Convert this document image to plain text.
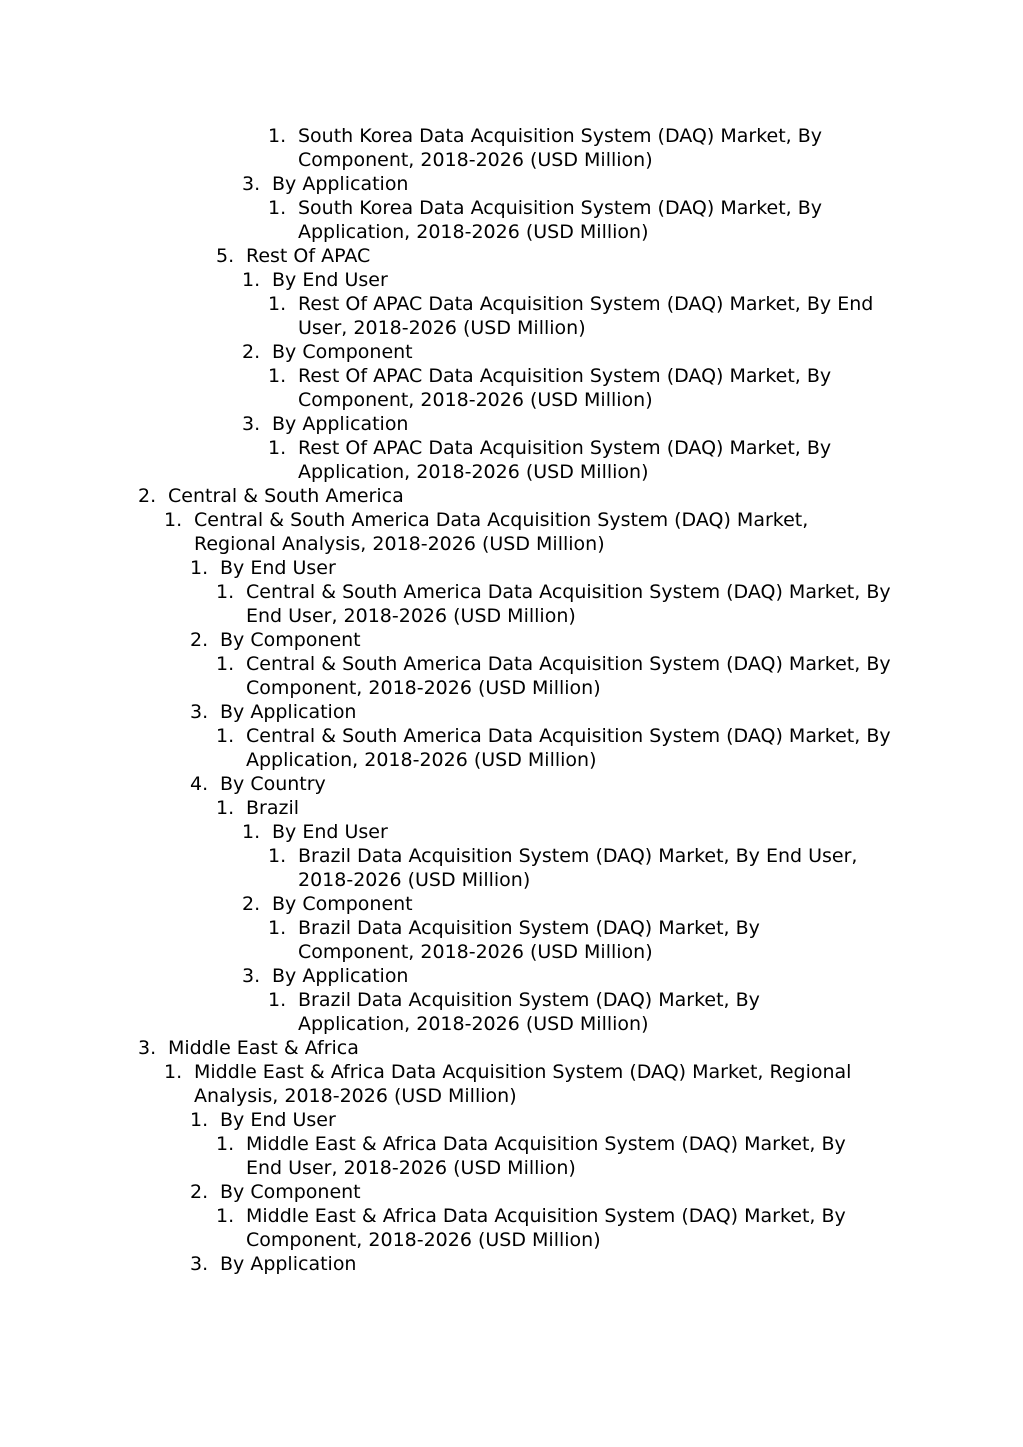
1. South Korea Data Acquisition System (DAQ) Market, By Component, 2018-2026 (USD Million)
3. By Application
1. South Korea Data Acquisition System (DAQ) Market, By Application, 2018-2026 (USD Million)
5. Rest Of APAC
1. By End User
1. Rest Of APAC Data Acquisition System (DAQ) Market, By End User, 2018-2026 (USD Million)
2. By Component
1. Rest Of APAC Data Acquisition System (DAQ) Market, By Component, 2018-2026 (USD Million)
3. By Application
1. Rest Of APAC Data Acquisition System (DAQ) Market, By Application, 2018-2026 (USD Million)
2. Central & South America
1. Central & South America Data Acquisition System (DAQ) Market, Regional Analysis, 2018-2026 (USD Million)
1. By End User
1. Central & South America Data Acquisition System (DAQ) Market, By End User, 2018-2026 (USD Million)
2. By Component
1. Central & South America Data Acquisition System (DAQ) Market, By Component, 2018-2026 (USD Million)
3. By Application
1. Central & South America Data Acquisition System (DAQ) Market, By Application, 2018-2026 (USD Million)
4. By Country
1. Brazil
1. By End User
1. Brazil Data Acquisition System (DAQ) Market, By End User, 2018-2026 (USD Million)
2. By Component
1. Brazil Data Acquisition System (DAQ) Market, By Component, 2018-2026 (USD Million)
3. By Application
1. Brazil Data Acquisition System (DAQ) Market, By Application, 2018-2026 (USD Million)
3. Middle East & Africa
1. Middle East & Africa Data Acquisition System (DAQ) Market, Regional Analysis, 2018-2026 (USD Million)
1. By End User
1. Middle East & Africa Data Acquisition System (DAQ) Market, By End User, 2018-2026 (USD Million)
2. By Component
1. Middle East & Africa Data Acquisition System (DAQ) Market, By Component, 2018-2026 (USD Million)
3. By Application
